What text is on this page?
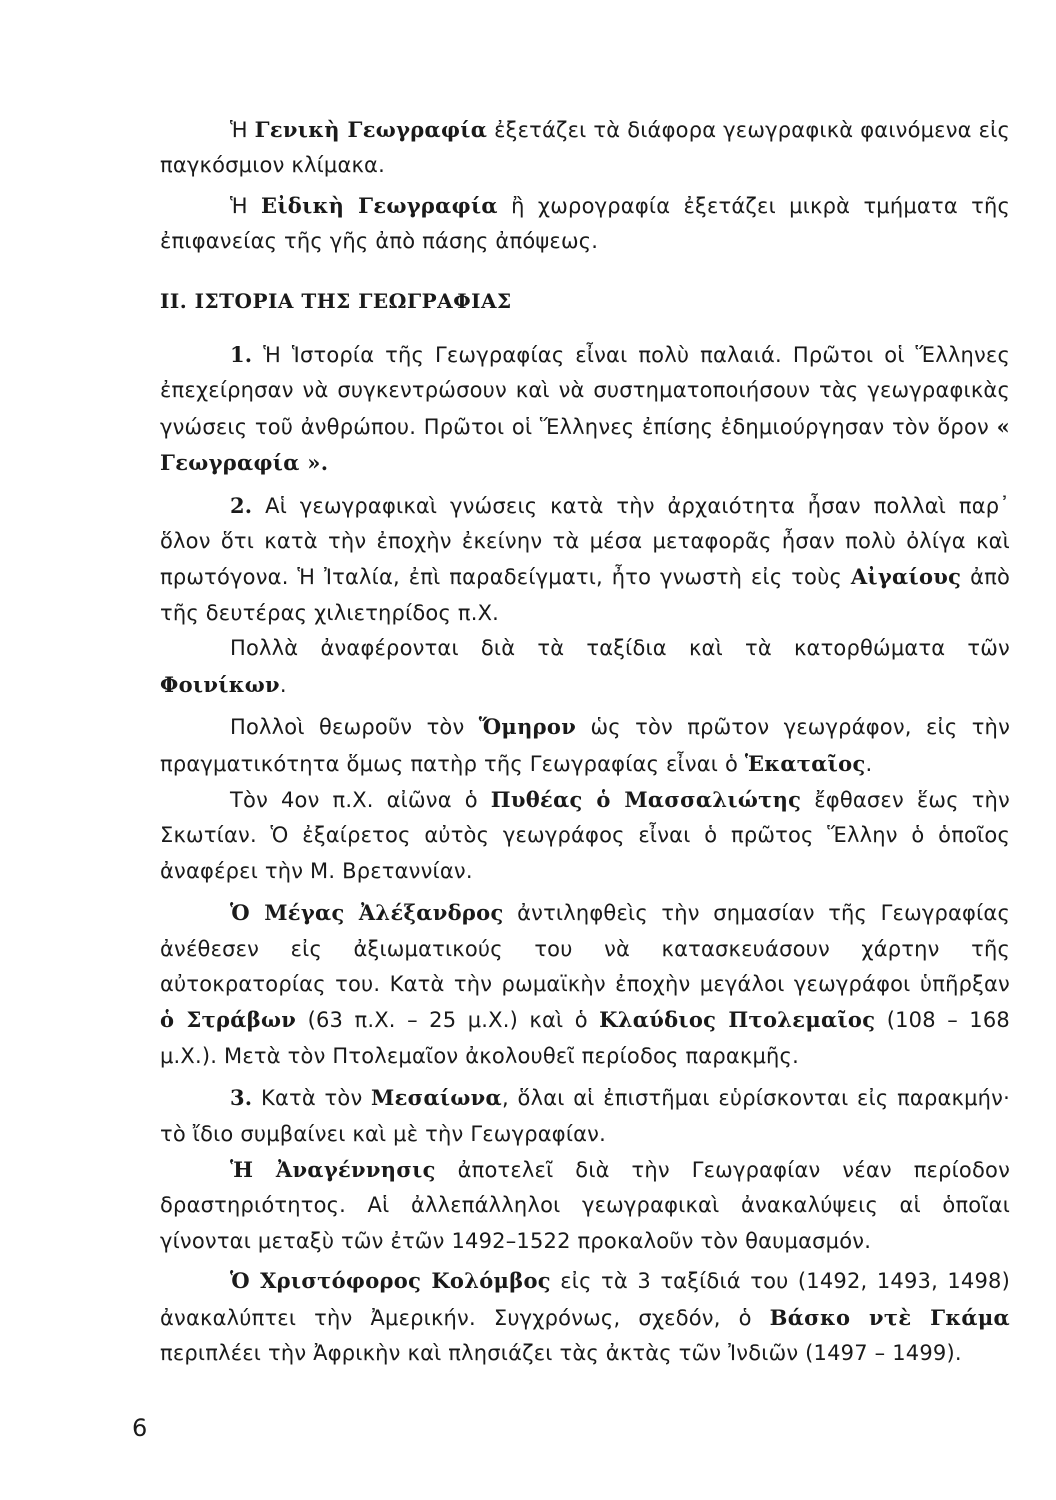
Ἡ Γενικὴ Γεωγραφία ἐξετάζει τὰ διάφορα γεωγραφικὰ φαινόμενα εἰς παγκόσμιον κλίμακα.

Ἡ Εἰδικὴ Γεωγραφία ἢ χωρογραφία ἐξετάζει μικρὰ τμήματα τῆς ἐπιφανείας τῆς γῆς ἀπὸ πάσης ἀπόψεως.

II. ΙΣΤΟΡΙΑ ΤΗΣ ΓΕΩΓΡΑΦΙΑΣ

1. Ἡ Ἱστορία τῆς Γεωγραφίας εἶναι πολὺ παλαιά. Πρῶτοι οἱ Ἕλληνες ἐπεχείρησαν νὰ συγκεντρώσουν καὶ νὰ συστηματοποιήσουν τὰς γεωγραφικὰς γνώσεις τοῦ ἀνθρώπου. Πρῶτοι οἱ Ἕλληνες ἐπίσης ἐδημιούργησαν τὸν ὅρον « Γεωγραφία ».

2. Αἱ γεωγραφικαὶ γνώσεις κατὰ τὴν ἀρχαιότητα ἦσαν πολλαὶ παρ᾿ ὅλον ὅτι κατὰ τὴν ἐποχὴν ἐκείνην τὰ μέσα μεταφορᾶς ἦσαν πολὺ ὀλίγα καὶ πρωτόγονα. Ἡ Ἰταλία, ἐπὶ παραδείγματι, ἦτο γνωστὴ εἰς τοὺς Αἰγαίους ἀπὸ τῆς δευτέρας χιλιετηρίδος π.Χ.

Πολλὰ ἀναφέρονται διὰ τὰ ταξίδια καὶ τὰ κατορθώματα τῶν Φοινίκων.

Πολλοὶ θεωροῦν τὸν Ὅμηρον ὡς τὸν πρῶτον γεωγράφον, εἰς τὴν πραγματικότητα ὅμως πατὴρ τῆς Γεωγραφίας εἶναι ὁ Ἑκαταῖος.

Τὸν 4ον π.Χ. αἰῶνα ὁ Πυθέας ὁ Μασσαλιώτης ἔφθασεν ἕως τὴν Σκωτίαν. Ὁ ἐξαίρετος αὐτὸς γεωγράφος εἶναι ὁ πρῶτος Ἕλλην ὁ ὁποῖος ἀναφέρει τὴν Μ. Βρεταννίαν.

Ὁ Μέγας Ἀλέξανδρος ἀντιληφθεὶς τὴν σημασίαν τῆς Γεωγραφίας ἀνέθεσεν εἰς ἀξιωματικούς του νὰ κατασκευάσουν χάρτην τῆς αὐτοκρατορίας του. Κατὰ τὴν ρωμαϊκὴν ἐποχὴν μεγάλοι γεωγράφοι ὑπῆρξαν ὁ Στράβων (63 π.Χ. – 25 μ.Χ.) καὶ ὁ Κλαύδιος Πτολεμαῖος (108 – 168 μ.Χ.). Μετὰ τὸν Πτολεμαῖον ἀκολουθεῖ περίοδος παρακμῆς.

3. Κατὰ τὸν Μεσαίωνα, ὅλαι αἱ ἐπιστῆμαι εὑρίσκονται εἰς παρακμήν· τὸ ἴδιο συμβαίνει καὶ μὲ τὴν Γεωγραφίαν.

Ἡ Ἀναγέννησις ἀποτελεῖ διὰ τὴν Γεωγραφίαν νέαν περίοδον δραστηριότητος. Αἱ ἀλλεπάλληλοι γεωγραφικαὶ ἀνακαλύψεις αἱ ὁποῖαι γίνονται μεταξὺ τῶν ἐτῶν 1492–1522 προκαλοῦν τὸν θαυμασμόν.

Ὁ Χριστόφορος Κολόμβος εἰς τὰ 3 ταξίδιά του (1492, 1493, 1498) ἀνακαλύπτει τὴν Ἀμερικήν. Συγχρόνως, σχεδόν, ὁ Βάσκο ντὲ Γκάμα περιπλέει τὴν Ἀφρικὴν καὶ πλησιάζει τὰς ἀκτὰς τῶν Ἰνδιῶν (1497 – 1499).

6
